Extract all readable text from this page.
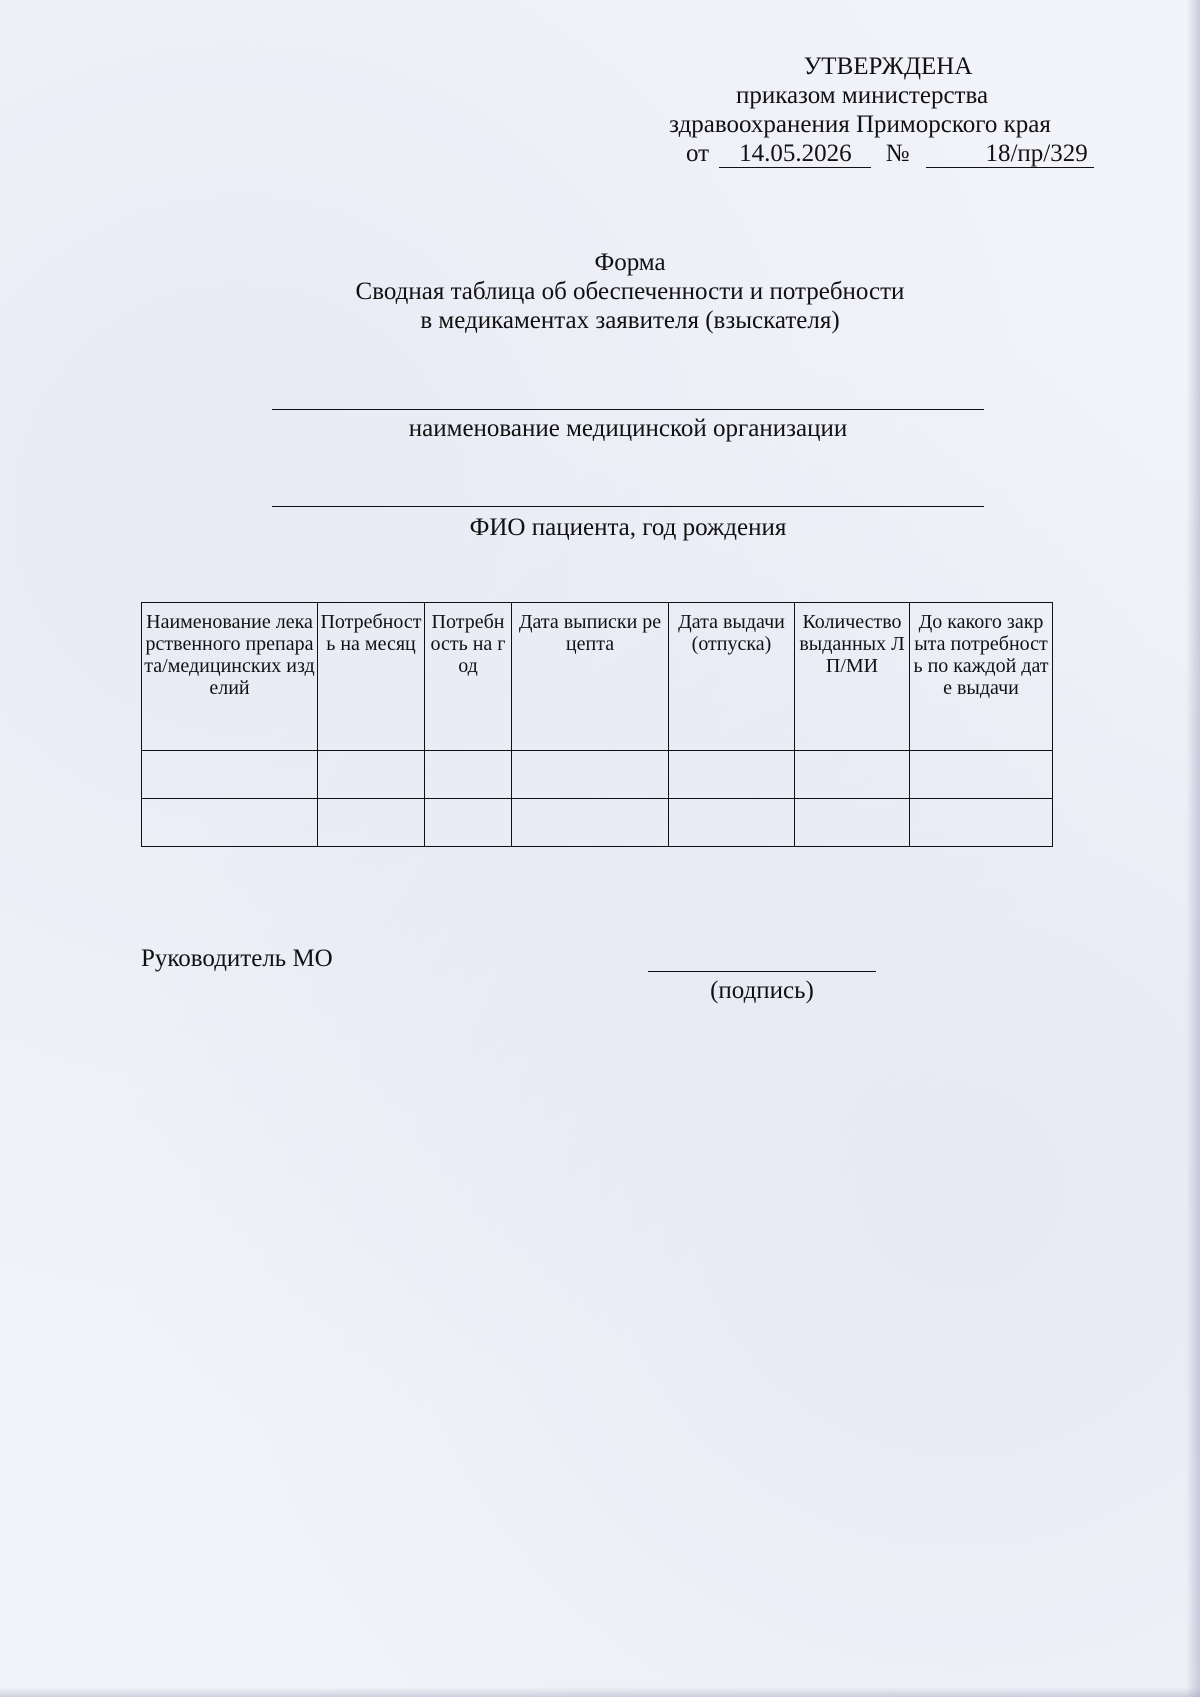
УТВЕРЖДЕНА
приказом министерства
здравоохранения Приморского края
от 14.05.2026 №	18/пр/329
Форма
Сводная таблица об обеспеченности и потребности
в медикаментах заявителя (взыскателя)
наименование медицинской организации
ФИО пациента, год рождения
Наименование лекарственного препарата/медицинских изделий	Потребность на месяц	Потребность на год	Дата выписки рецепта	Дата выдачи (отпуска)	Количество выданных ЛП/МИ	До какого закрыта потребность по каждой дате выдачи

Руководитель МО
(подпись)
